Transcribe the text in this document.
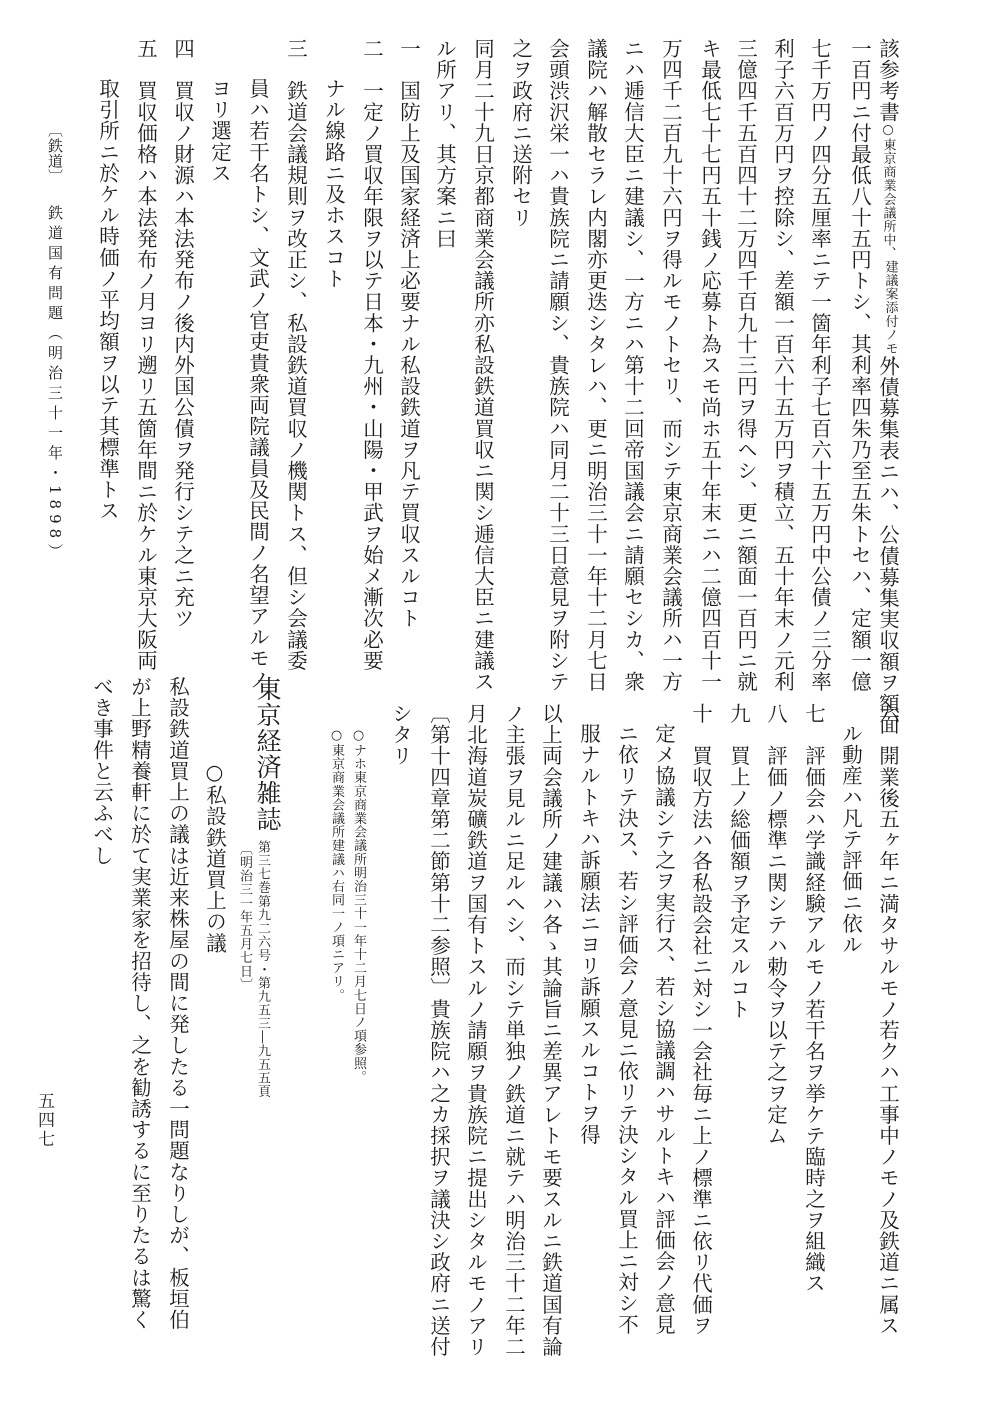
該参考書○東京商業会議所中、
建議案添付ノモノ
外債募集表ニハ、公債募集実収額ヲ額面
一百円ニ付最低八十五円トシ、其利率四朱乃至五朱トセハ、定額一億
七千万円ノ四分五厘率ニテ一箇年利子七百六十五万円中公債ノ三分率
利子六百万円ヲ控除シ、差額一百六十五万円ヲ積立、五十年末ノ元利
三億四千五百四十二万四千百九十三円ヲ得ヘシ、更ニ額面一百円ニ就
キ最低七十七円五十銭ノ応募ト為スモ尚ホ五十年末ニハ二億四百十一
万四千二百九十六円ヲ得ルモノトセリ、而シテ東京商業会議所ハ一方
ニハ逓信大臣ニ建議シ、一方ニハ第十二回帝国議会ニ請願セシカ、衆
議院ハ解散セラレ内閣亦更迭シタレハ、更ニ明治三十一年十二月七日
会頭渋沢栄一ハ貴族院ニ請願シ、貴族院ハ同月二十三日意見ヲ附シテ
之ヲ政府ニ送附セリ
同月二十九日京都商業会議所亦私設鉄道買収ニ関シ逓信大臣ニ建議ス
ル所アリ、其方案ニ曰
一　国防上及国家経済上必要ナル私設鉄道ヲ凡テ買収スルコト
二　一定ノ買収年限ヲ以テ日本・九州・山陽・甲武ヲ始メ漸次必要
ナル線路ニ及ホスコト
三　鉄道会議規則ヲ改正シ、私設鉄道買収ノ機関トス、但シ会議委
員ハ若干名トシ、文武ノ官吏貴衆両院議員及民間ノ名望アルモノ
ヨリ選定ス
四　買収ノ財源ハ本法発布ノ後内外国公債ヲ発行シテ之ニ充ツ
五　買収価格ハ本法発布ノ月ヨリ遡リ五箇年間ニ於ケル東京大阪両
取引所ニ於ケル時価ノ平均額ヲ以テ其標準トス
〔鉄道〕
鉄道国有問題（明治三十一年・1898）
六　開業後五ヶ年ニ満タサルモノ若クハ工事中ノモノ及鉄道ニ属ス
ル動産ハ凡テ評価ニ依ル
七　評価会ハ学識経験アルモノ若干名ヲ挙ケテ臨時之ヲ組織ス
八　評価ノ標準ニ関シテハ勅令ヲ以テ之ヲ定ム
九　買上ノ総価額ヲ予定スルコト
十　買収方法ハ各私設会社ニ対シ一会社毎ニ上ノ標準ニ依リ代価ヲ
定メ協議シテ之ヲ実行ス、若シ協議調ハサルトキハ評価会ノ意見
ニ依リテ決ス、若シ評価会ノ意見ニ依リテ決シタル買上ニ対シ不
服ナルトキハ訴願法ニヨリ訴願スルコトヲ得
以上両会議所ノ建議ハ各ゝ其論旨ニ差異アレトモ要スルニ鉄道国有論
ノ主張ヲ見ルニ足ルヘシ、而シテ単独ノ鉄道ニ就テハ明治三十二年二
月北海道炭礦鉄道ヲ国有トスルノ請願ヲ貴族院ニ提出シタルモノアリ
〔第十四章第二節第十二参照〕貴族院ハ之カ採択ヲ議決シ政府ニ送付
シタリ
○ナホ東京商業会議所明治三十一年十二月七日ノ項参照。
○東京商業会議所建議ハ右同一ノ項ニアリ。
東京経済雑誌
第三七巻第九二六号・第九五三―九五五頁
〔明治三一年五月七日〕
○私設鉄道買上の議
私設鉄道買上の議は近来株屋の間に発したる一問題なりしが、板垣伯
が上野精養軒に於て実業家を招待し、之を勧誘するに至りたるは驚く
べき事件と云ふべし
五四七
